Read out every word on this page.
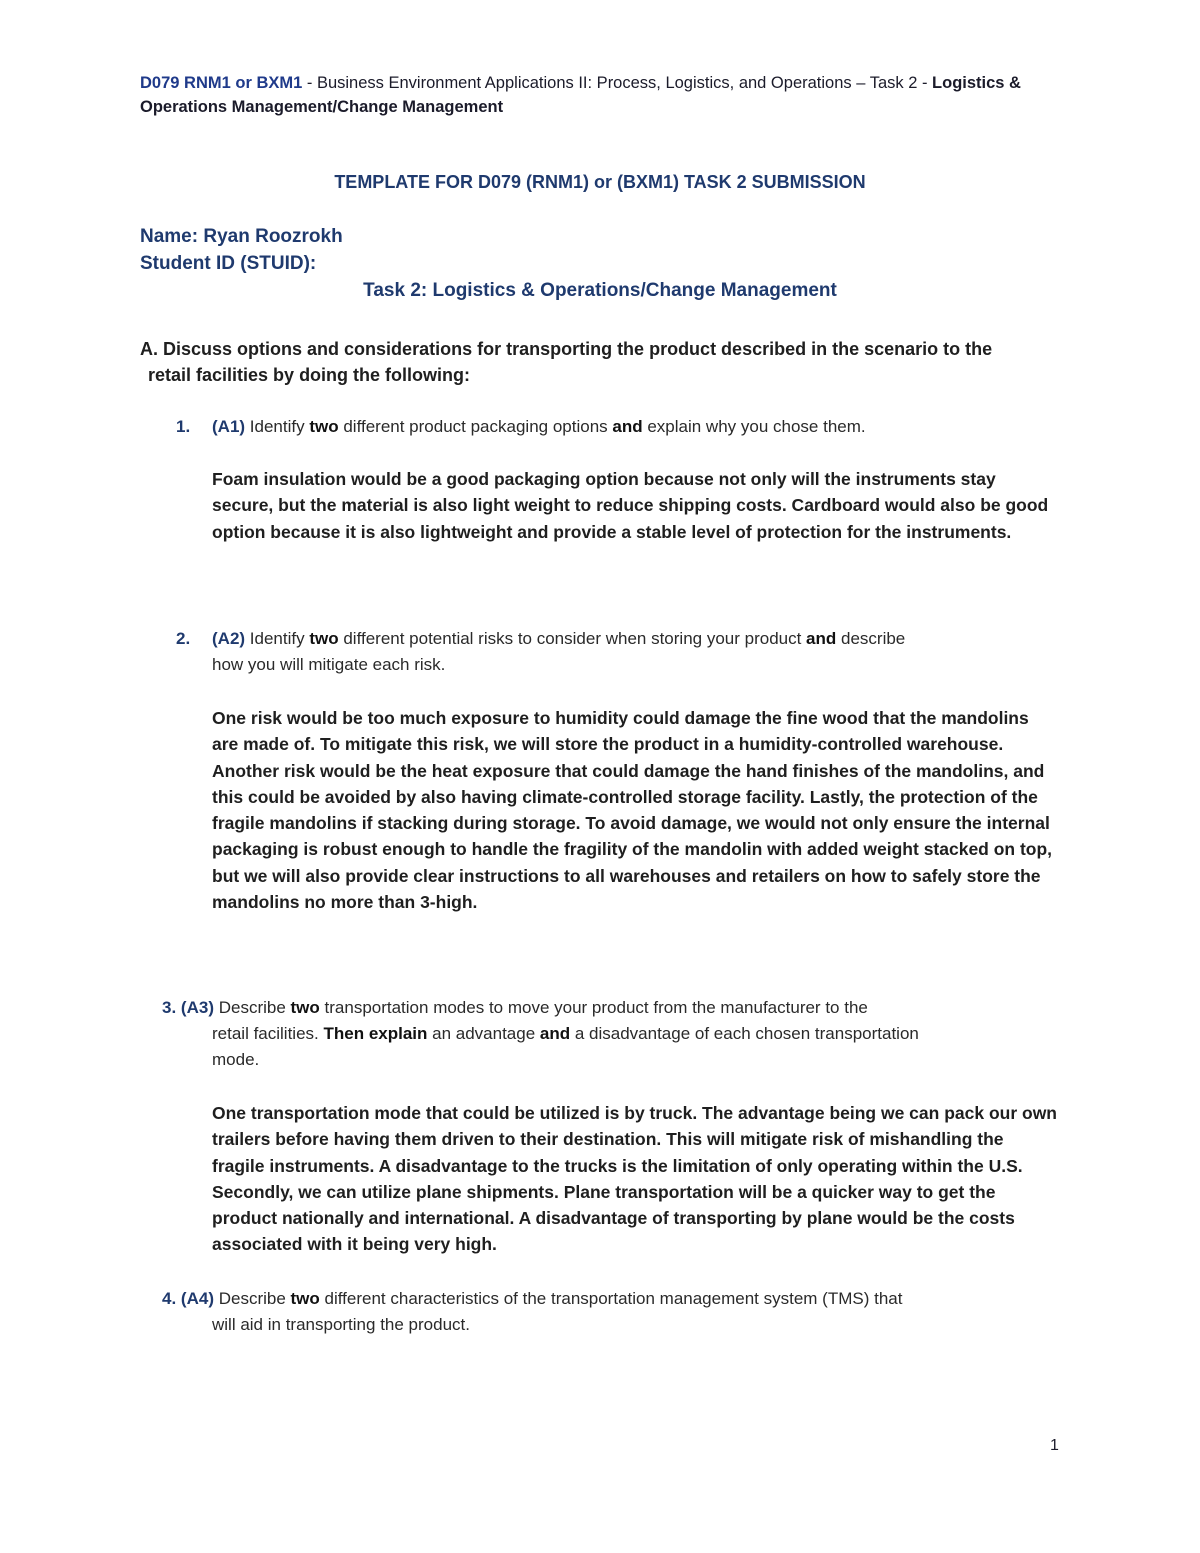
D079 RNM1 or BXM1 - Business Environment Applications II: Process, Logistics, and Operations – Task 2 - Logistics & Operations Management/Change Management

TEMPLATE FOR D079 (RNM1) or (BXM1) TASK 2 SUBMISSION
Name: Ryan Roozrokh
Student ID (STUID):
Task 2: Logistics & Operations/Change Management
A. Discuss options and considerations for transporting the product described in the scenario to the
retail facilities by doing the following:
1. (A1) Identify two different product packaging options and explain why you chose them.

Foam insulation would be a good packaging option because not only will the instruments stay secure, but the material is also light weight to reduce shipping costs. Cardboard would also be good option because it is also lightweight and provide a stable level of protection for the instruments.

2. (A2) Identify two different potential risks to consider when storing your product and describe
how you will mitigate each risk.

One risk would be too much exposure to humidity could damage the fine wood that the mandolins are made of. To mitigate this risk, we will store the product in a humidity-controlled warehouse. Another risk would be the heat exposure that could damage the hand finishes of the mandolins, and this could be avoided by also having climate-controlled storage facility. Lastly, the protection of the fragile mandolins if stacking during storage. To avoid damage, we would not only ensure the internal packaging is robust enough to handle the fragility of the mandolin with added weight stacked on top, but we will also provide clear instructions to all warehouses and retailers on how to safely store the mandolins no more than 3-high.

3. (A3) Describe two transportation modes to move your product from the manufacturer to the
retail facilities. Then explain an advantage and a disadvantage of each chosen transportation
mode.

One transportation mode that could be utilized is by truck. The advantage being we can pack our own trailers before having them driven to their destination. This will mitigate risk of mishandling the fragile instruments. A disadvantage to the trucks is the limitation of only operating within the U.S. Secondly, we can utilize plane shipments. Plane transportation will be a quicker way to get the product nationally and international. A disadvantage of transporting by plane would be the costs associated with it being very high.

4. (A4) Describe two different characteristics of the transportation management system (TMS) that
will aid in transporting the product.
1
